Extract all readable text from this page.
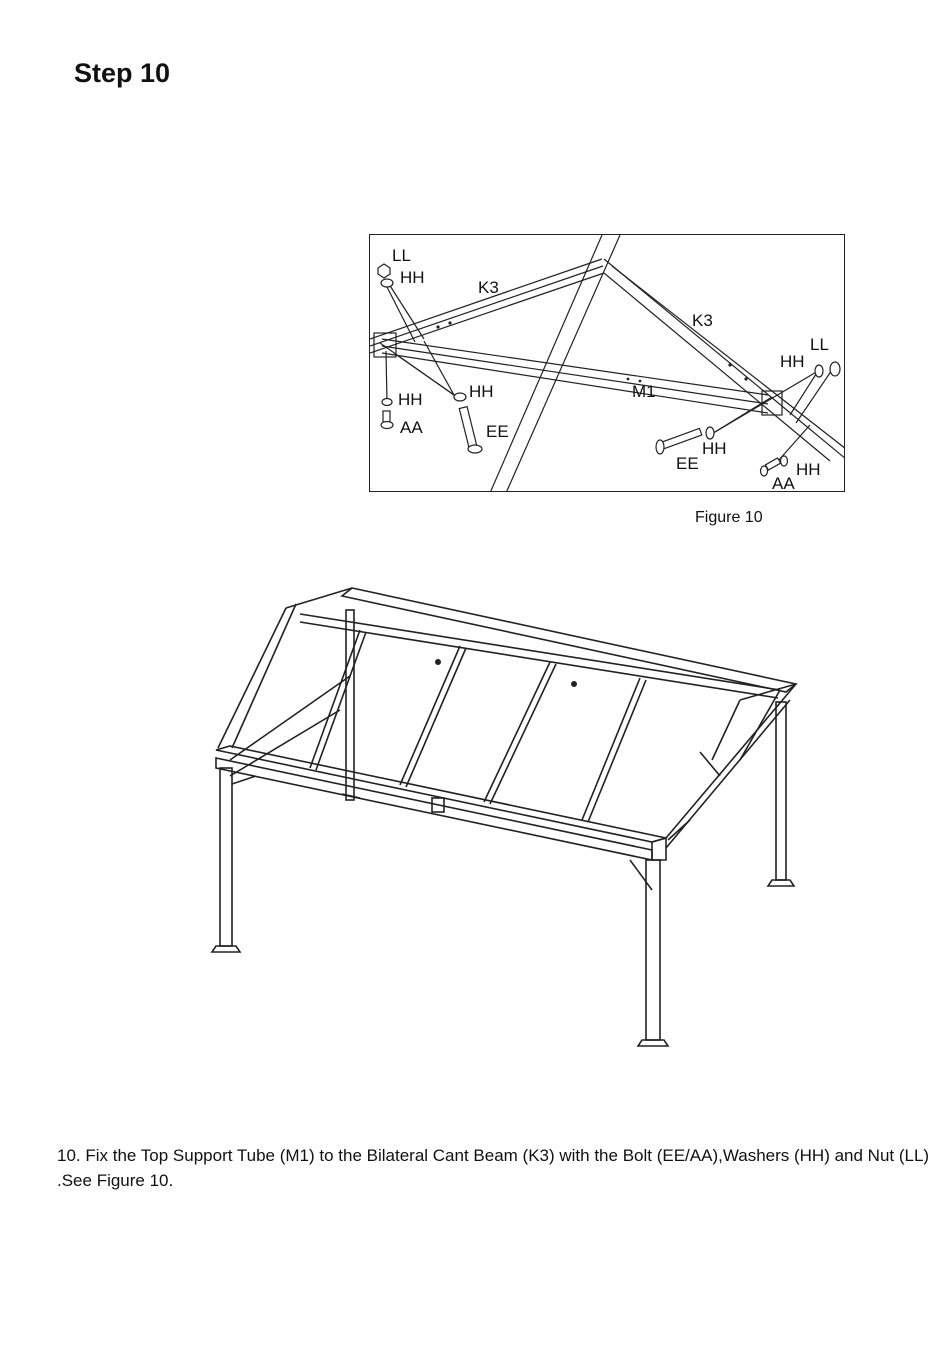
Step 10
LL
HH
K3
K3
HH
LL
M1
HH
AA
HH
EE
HH
EE	HH
AA
Figure 10

10. Fix the Top Support Tube (M1) to the Bilateral Cant Beam (K3) with the Bolt (EE/AA),Washers (HH) and Nut (LL) .See Figure 10.
